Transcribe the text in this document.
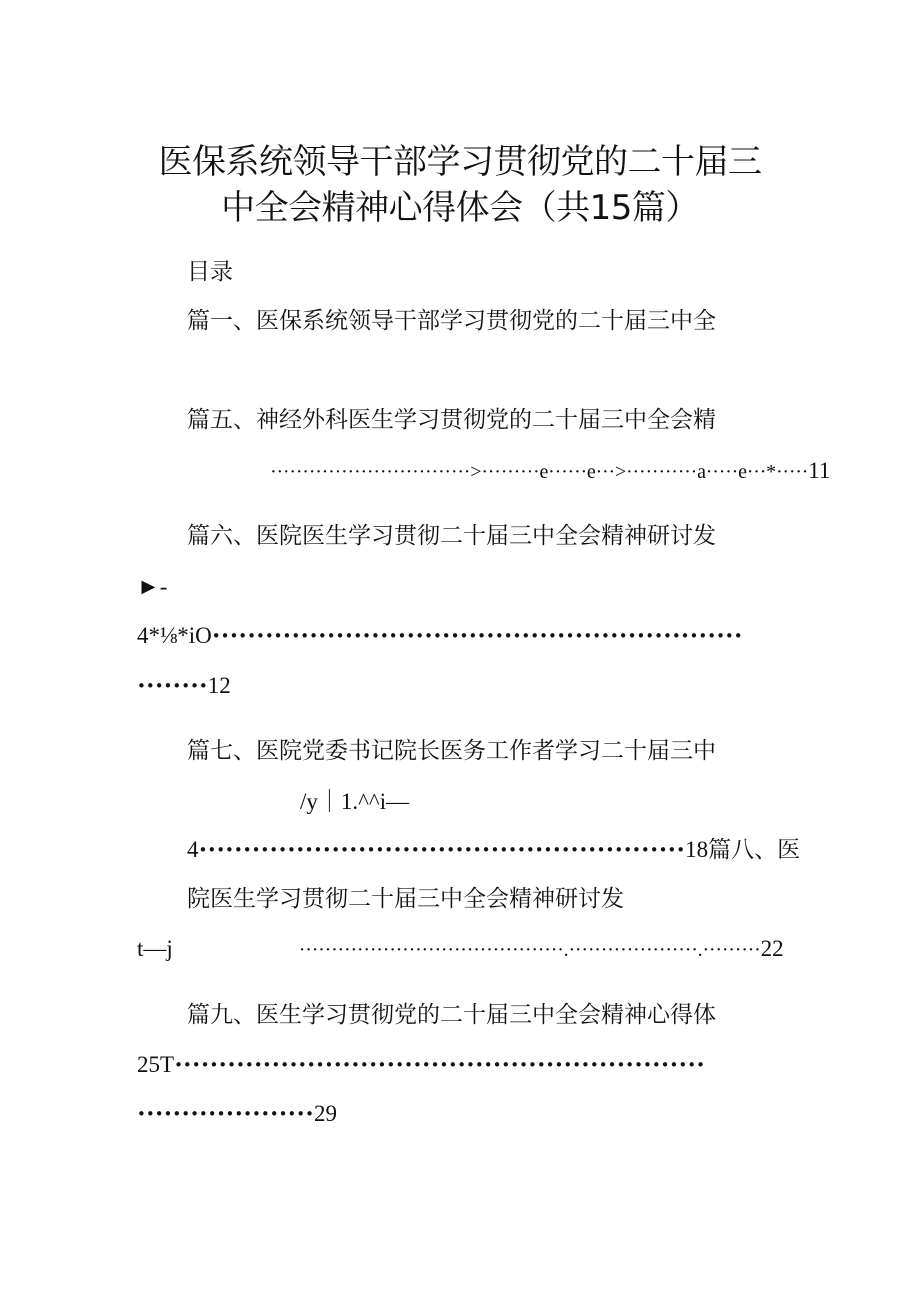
医保系统领导干部学习贯彻党的二十届三
中全会精神心得体会（共15篇）
目录
篇一、医保系统领导干部学习贯彻党的二十届三中全
篇五、神经外科医生学习贯彻党的二十届三中全会精
·······························>·········e······e···>···········a·····e···*·····11
篇六、医院医生学习贯彻二十届三中全会精神研讨发
►-
4*⅛*iO••••••••••••••••••••••••••••••••••••••••••••••••••••••••••••
••••••••12
篇七、医院党委书记院长医务工作者学习二十届三中
/y｜1.^^i—
4•••••••••••••••••••••••••••••••••••••••••••••••••••••••18篇八、医
院医生学习贯彻二十届三中全会精神研讨发
t—j	·········································.····················.·········22
篇九、医生学习贯彻党的二十届三中全会精神心得体
25T••••••••••••••••••••••••••••••••••••••••••••••••••••••••••••
••••••••••••••••••••29
